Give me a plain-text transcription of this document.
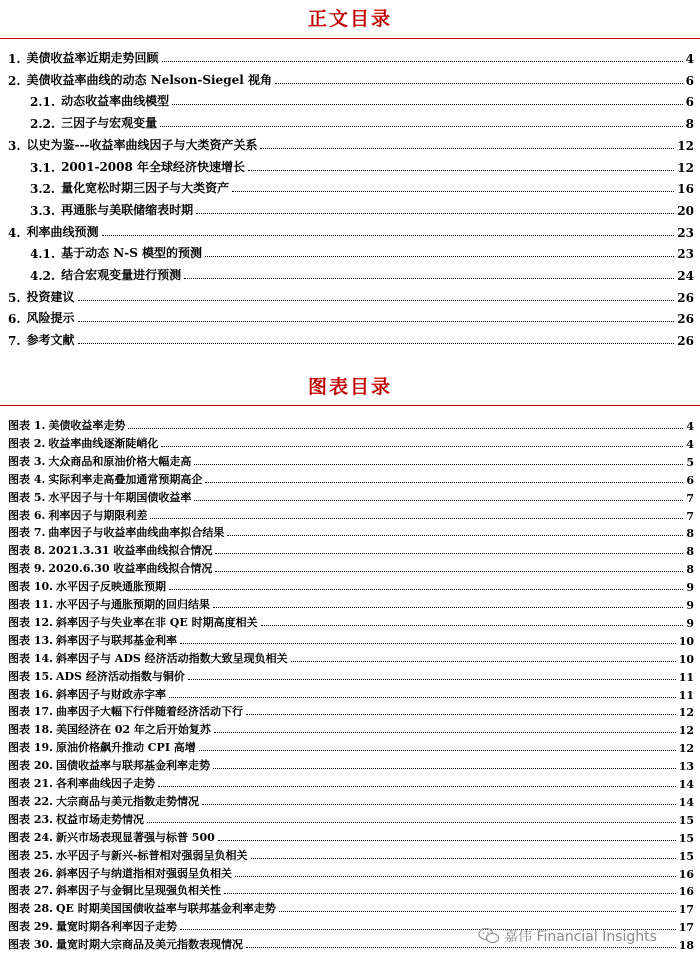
正文目录
1. 美债收益率近期走势回顾	4
2. 美债收益率曲线的动态 Nelson-Siegel 视角	6
2.1. 动态收益率曲线模型	6
2.2. 三因子与宏观变量	8
3. 以史为鉴---收益率曲线因子与大类资产关系	12
3.1. 2001-2008 年全球经济快速增长	12
3.2. 量化宽松时期三因子与大类资产	16
3.3. 再通胀与美联储缩表时期	20
4. 利率曲线预测	23
4.1. 基于动态 N-S 模型的预测	23
4.2. 结合宏观变量进行预测	24
5. 投资建议	26
6. 风险提示	26
7. 参考文献	26
图表目录
图表 1. 美债收益率走势	4
图表 2. 收益率曲线逐渐陡峭化	4
图表 3. 大众商品和原油价格大幅走高	5
图表 4. 实际利率走高叠加通常预期高企	6
图表 5. 水平因子与十年期国债收益率	7
图表 6. 利率因子与期限利差	7
图表 7. 曲率因子与收益率曲线曲率拟合结果	8
图表 8. 2021.3.31 收益率曲线拟合情况	8
图表 9. 2020.6.30 收益率曲线拟合情况	8
图表 10. 水平因子反映通胀预期	9
图表 11. 水平因子与通胀预期的回归结果	9
图表 12. 斜率因子与失业率在非 QE 时期高度相关	9
图表 13. 斜率因子与联邦基金利率	10
图表 14. 斜率因子与 ADS 经济活动指数大致呈现负相关	10
图表 15. ADS 经济活动指数与铜价	11
图表 16. 斜率因子与财政赤字率	11
图表 17. 曲率因子大幅下行伴随着经济活动下行	12
图表 18. 美国经济在 02 年之后开始复苏	12
图表 19. 原油价格飙升推动 CPI 高增	12
图表 20. 国债收益率与联邦基金利率走势	13
图表 21. 各利率曲线因子走势	14
图表 22. 大宗商品与美元指数走势情况	14
图表 23. 权益市场走势情况	15
图表 24. 新兴市场表现显著强与标普 500	15
图表 25. 水平因子与新兴-标普相对强弱呈负相关	15
图表 26. 斜率因子与纳道指相对强弱呈负相关	16
图表 27. 斜率因子与金铜比呈现强负相关性	16
图表 28. QE 时期美国国债收益率与联邦基金利率走势	17
图表 29. 量宽时期各利率因子走势	17
图表 30. 量宽时期大宗商品及美元指数表现情况	18
嘉伟 Financial Insights
